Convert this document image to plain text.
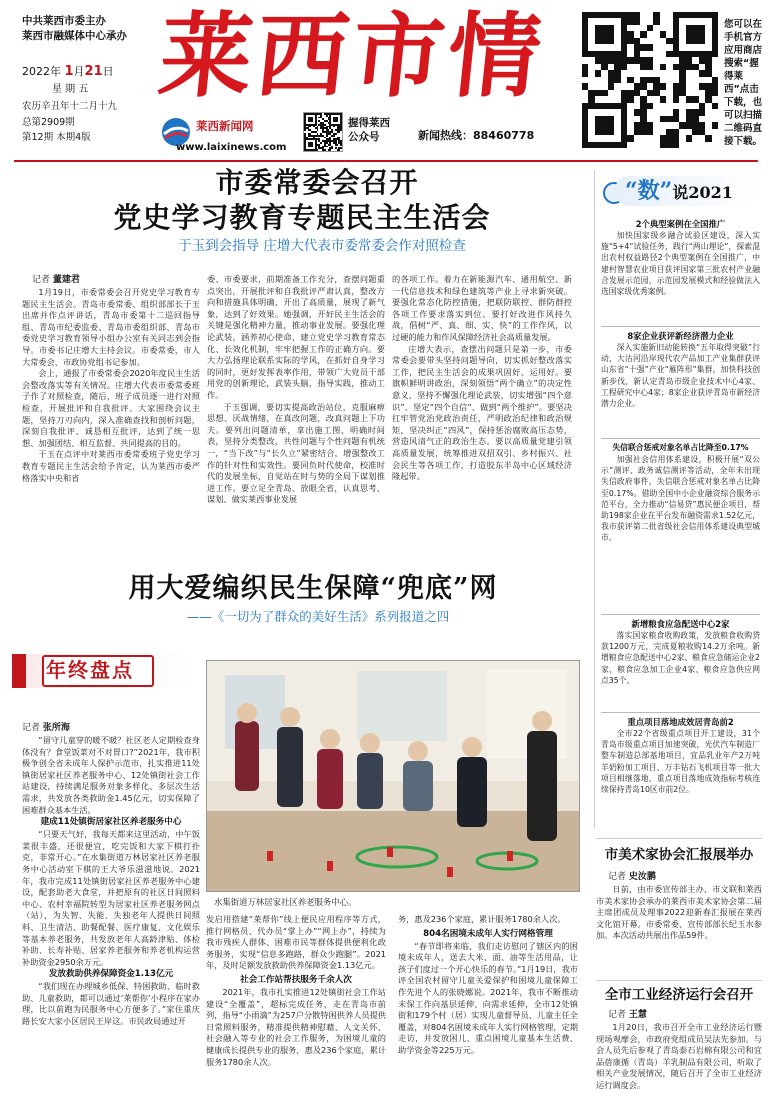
中共莱西市委主办
莱西市融媒体中心承办
2022年 1月21日
星 期 五
农历辛丑年十二月十九
总第2909期
第12期 本期4版
莱西市情
莱西新闻网
www.laixinews.com
握得莱西
公众号	新闻热线：88460778
您可以在手机官方应用商店搜索“握得莱西”点击下载，也可以扫描二维码直接下载。
市委常委会召开
党史学习教育专题民主生活会
于玉到会指导 庄增大代表市委常委会作对照检查
记者 董建君

1月19日，市委常委会召开党史学习教育专题民主生活会。青岛市委常委、组织部部长于玉出席并作点评讲话，青岛市委第十二巡回指导组、青岛市纪委监委、青岛市委组织部、青岛市委党史学习教育领导小组办公室有关同志到会指导。市委书记庄增大主持会议。市委常委，市人大常委会、市政协党组书记参加。

会上，通报了市委常委会2020年度民主生活会整改落实等有关情况。庄增大代表市委常委班子作了对照检查，随后，班子成员逐一进行对照检查，开展批评和自我批评。大家围绕会议主题，坚持刀刃向内，深入准确查找和剖析问题，深刻自我批评、诚恳相互批评，达到了统一思想、加强团结、相互监督、共同提高的目的。

于玉在点评中对莱西市委常委班子党史学习教育专题民主生活会给予肯定，认为莱西市委严格落实中央和省

委、市委要求，前期准备工作充分，查摆问题重点突出，开展批评和自我批评严肃认真，整改方向和措施具体明确，开出了高质量，展现了新气象，达到了好效果。她强调，开好民主生活会的关键是强化精神力量，推动事业发展。要强化理论武装，涵养初心使命，建立党史学习教育常态化、长效化机制，牢牢把握工作的正确方向。要大力弘扬理论联系实际的学风，在抓好自身学习的同时，更好发挥表率作用，带领广大党员干部用党的创新理论，武装头脑，指导实践，推动工作。

于玉强调，要切实提高政治站位，克服麻痹思想、厌战情绪，在真改问题，改真问题上下功夫。要列出问题清单，拿出施工图，明确时间表，坚持分类整改，共性问题与个性问题有机统一，“当下改”与“长久立”紧密结合，增强整改工作的针对性和实效性。要同负时代使命，校准时代的发展坐标，自觉站在时与势的全局下谋划推进工作。要立足全青岛、放眼全省，认真思考、谋划、做实莱西事业发展

的各项工作。着力在新能源汽车、通用航空、新一代信息技术和绿色建筑等产业上寻求新突破。要强化常态化防控措施，把联防联控、群防群控各项工作要求落实到位。要打好改进作风持久战，倡树“严、真、细、实、快”的工作作风，以过硬的能力和作风保障经济社会高质量发展。

庄增大表示，查摆出问题只是第一步，市委常委会要带头坚持问题导向，切实抓好整改落实工作，把民主生活会的成果巩固好、运用好。要旗帜鲜明讲政治，深刻领悟“两个确立”的决定性意义，坚持不懈强化理论武装，切实增强“四个意识”、坚定“四个自信”、做到“两个维护”。要坚决扛牢管党治党政治责任，严明政治纪律和政治规矩，坚决纠正“四风”，保持惩治腐败高压态势，营造风清气正的政治生态。要以高质量党建引领高质量发展，统筹推进双招双引、乡村振兴、社会民生等各项工作，打造胶东半岛中心区域经济隆起带。

“数”说2021
2个典型案例在全国推广

加快国家级乡融合试验区建设，深入实施“5+4”试验任务，践行“两山理论”，探索混出农村权益路径2个典型案例在全国推广，中建村智慧农业项目获评国家第三批农村产业融合发展示范园，示范园发展模式和经验做法入选国家级优秀案例。

8家企业获评新经济潜力企业

深入实施新旧动能转换“五年取得突破”行动，大沽河沿岸现代农产品加工产业集群获评山东省“十强”产业“雁阵形”集群，加快科技创新步伐，新认定青岛市级企业技术中心4家、工程研究中心4家；8家企业获评青岛市新经济潜力企业。

失信联合惩戒对象名单占比降至0.17%

加强社会信用体系建设，积极开展“双公示”测评、政务诚信测评等活动，全年未出现失信政府事件，失信联合惩戒对象名单占比降至0.17%。借助全国中小企业融资综合服务示范平台，全力推动“信易贷”惠民便企项目，帮助198家企业在平台发布融资需求1.52亿元，我市获评第二批省级社会信用体系建设典型城市。

新增粮食应急配送中心2家

落实国家粮食收购政策，发放粮食收购贷款1200万元，完成夏粮收购14.2万余吨。新增粮食应急配送中心2家、粮食应急储运企业2家，粮食应急加工企业4家、粮食应急供应网点35个。

重点项目落地成效居青岛前2

全市22个省级重点项目开工建设，31个青岛市级重点项目加速突破，光伏汽车制造厂整车制造总部基地项目，宜品乳业年产2万吨羊奶粉加工项目、万丰钻石飞机项目等一批大项目相继落地，重点项目落地成效指标考核连续保持青岛10区市前2位。

用大爱编织民生保障“兜底”网
——《一切为了群众的美好生活》系列报道之四
年终盘点
记者 张所海

“留守儿童穿的暖不暖？社区老人定期检查身体没有？食堂饭菜对不对胃口?”2021年，我市积极争创全省未成年人保护示范市，扎实推进11处镇街居家社区养老服务中心、12处镇街社会工作站建设，持续满足服务对象多样化、多层次生活需求，共发放各类救助金1.45亿元，切实保障了困难群众基本生活。

建成11处镇街居家社区养老服务中心

“只要天气好，我每天都来这里活动，中午饭菜很丰盛，还很便宜，吃完饭和大家下棋打扑克，非常开心。”在水集街道万林居家社区养老服务中心活动室下棋的王大爷乐滋滋地说。2021年，我市完成11处镇街居家社区养老服务中心建设，配套助老大食堂，并把原有的社区日间照料中心、农村幸福院转型为居家社区养老服务网点（站），为失智、失能、失独老年人提供日间照料、卫生清洁、助餐配餐、医疗康复、文化娱乐等基本养老服务，共发放老年人高龄津贴、体检补助、长寿补贴、居家养老服务和养老机构运营补助资金2950余万元。

发放救助供养保障资金1.13亿元

“我们现在办理城乡低保、特困救助、临时救助、儿童救助，都可以通过‘莱帮你’小程序在家办理，比以前跑为民服务中心方便多了。”家住重庆路长安大家小区居民王岸这。市民政局通过开

水集街道万林居家社区养老服务中心。

发启用搭建“莱帮你”线上便民应用程序等方式，推行网格员、代办员“掌上办”“网上办”，持续为我市残疾人群体、困难市民等群体提供便利化政务服务，实现“信息多跑路，群众少跑腿”。2021年，及时足额发放救助供养保障资金1.13亿元。

社会工作站帮扶服务千余人次

2021年，我市扎实推进12处镇街社会工作站建设“全覆盖”，超标完成任务，走在青岛市前列，指导“小雨滴”为257户分散特困供养人员提供日常照料服务，精准提供精神慰藉、人文关怀、社会融入等专业的社会工作服务，为困境儿童的健康成长提供专业的服务，惠及236个家庭，累计服务1780余人次。

务，惠及236个家庭，累计服务1780余人次。

804名困境未成年人实行网格管理

“春节即将来临，我们走访慰问了辖区内的困境未成年人，送去大米、面、油等生活用品，让孩子们度过一个开心快乐的春节。”1月19日，我市评全国农村留守儿童关爱保护和困境儿童保障工作先进个人的张晓娜说。2021年，我市不断推动未保工作向基层延伸、向需求延伸，全市12处镇街和179个村（居）实现儿童督导员、儿童主任全覆盖，对804名困境未成年人实行网格管理，定期走访，并发放困儿、重点困境儿童基本生活费、助学资金等225万元。

市美术家协会汇报展举办
记者 史汝鹏

日前，由市委宣传部主办、市文联和莱西市美术家协会承办的莱西市美术家协会第二届主席团成员及理事2022迎新春汇报展在莱西文化馆开幕。市委常委、宣传部部长纪玉水参加。本次活动共展出作品59件。

全市工业经济运行会召开
记者 王慧

1月20日，我市召开全市工业经济运行暨现场观摩会，市政府党组成员吴法先参加。与会人员先后参观了青岛泰石岩棉有限公司和宜品蓓康循（青岛）羊乳制品有限公司，听取了相关产业发展情况，随后召开了全市工业经济运行调度会。
